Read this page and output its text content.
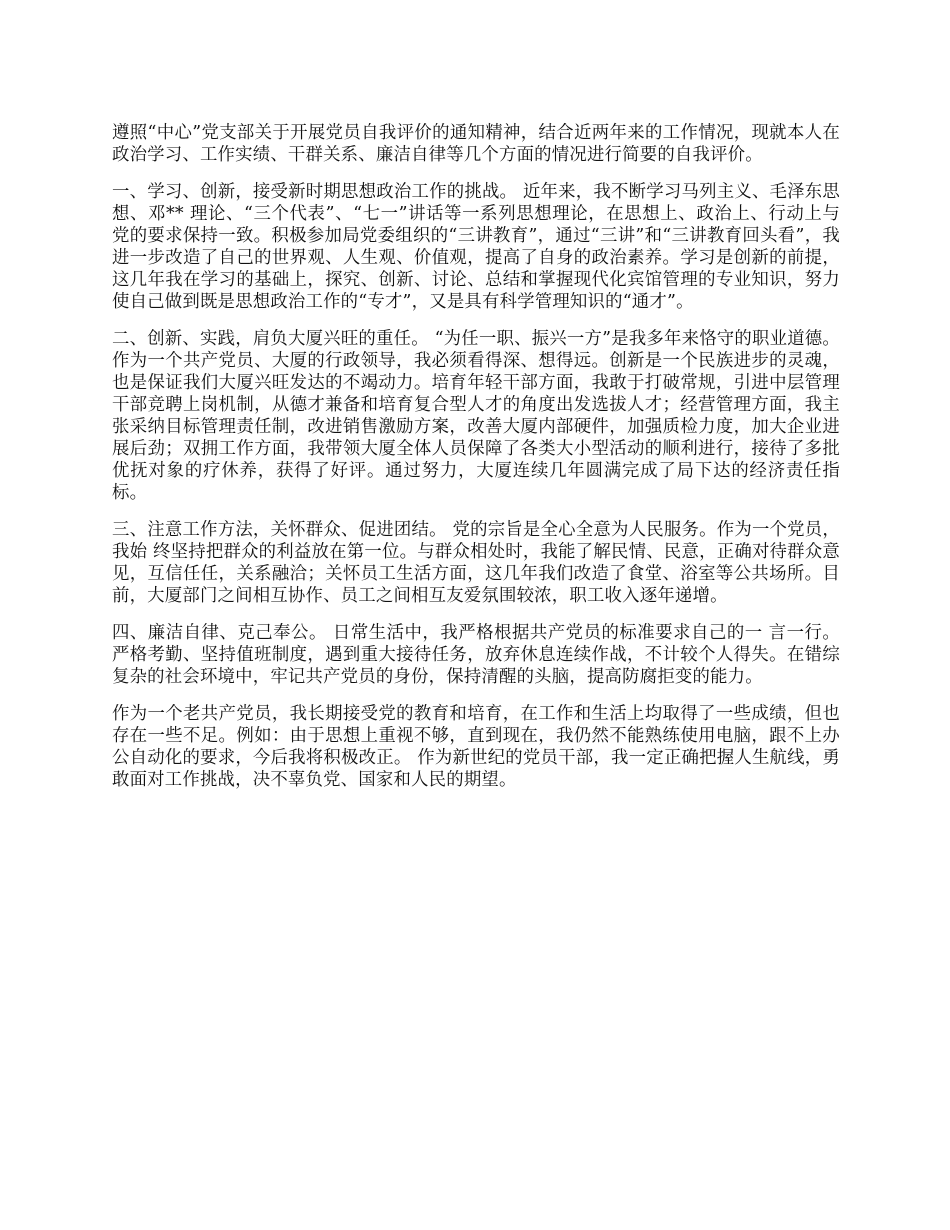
遵照“中心”党支部关于开展党员自我评价的通知精神，结合近两年来的工作情况，现就本人在政治学习、工作实绩、干群关系、廉洁自律等几个方面的情况进行简要的自我评价。

一、学习、创新，接受新时期思想政治工作的挑战。 近年来，我不断学习马列主义、毛泽东思想、邓** 理论、“三个代表”、“七一”讲话等一系列思想理论，在思想上、政治上、行动上与党的要求保持一致。积极参加局党委组织的“三讲教育”，通过“三讲”和“三讲教育回头看”，我进一步改造了自己的世界观、人生观、价值观，提高了自身的政治素养。学习是创新的前提，这几年我在学习的基础上，探究、创新、讨论、总结和掌握现代化宾馆管理的专业知识，努力使自己做到既是思想政治工作的“专才”，又是具有科学管理知识的“通才”。

二、创新、实践，肩负大厦兴旺的重任。 “为任一职、振兴一方”是我多年来恪守的职业道德。 作为一个共产党员、大厦的行政领导，我必须看得深、想得远。创新是一个民族进步的灵魂，也是保证我们大厦兴旺发达的不竭动力。培育年轻干部方面，我敢于打破常规，引进中层管理干部竞聘上岗机制，从德才兼备和培育复合型人才的角度出发选拔人才；经营管理方面，我主张采纳目标管理责任制，改进销售激励方案，改善大厦内部硬件，加强质检力度，加大企业进展后劲；双拥工作方面，我带领大厦全体人员保障了各类大小型活动的顺利进行，接待了多批优抚对象的疗休养，获得了好评。通过努力，大厦连续几年圆满完成了局下达的经济责任指标。

三、注意工作方法，关怀群众、促进团结。 党的宗旨是全心全意为人民服务。作为一个党员，我始 终坚持把群众的利益放在第一位。与群众相处时，我能了解民情、民意，正确对待群众意见，互信任任，关系融洽；关怀员工生活方面，这几年我们改造了食堂、浴室等公共场所。目前，大厦部门之间相互协作、员工之间相互友爱氛围较浓，职工收入逐年递增。

四、廉洁自律、克己奉公。 日常生活中，我严格根据共产党员的标准要求自己的一 言一行。严格考勤、坚持值班制度，遇到重大接待任务，放弃休息连续作战，不计较个人得失。在错综复杂的社会环境中，牢记共产党员的身份，保持清醒的头脑，提高防腐拒变的能力。

作为一个老共产党员，我长期接受党的教育和培育，在工作和生活上均取得了一些成绩，但也存在一些不足。例如：由于思想上重视不够，直到现在，我仍然不能熟练使用电脑，跟不上办公自动化的要求，今后我将积极改正。 作为新世纪的党员干部，我一定正确把握人生航线，勇敢面对工作挑战，决不辜负党、国家和人民的期望。
